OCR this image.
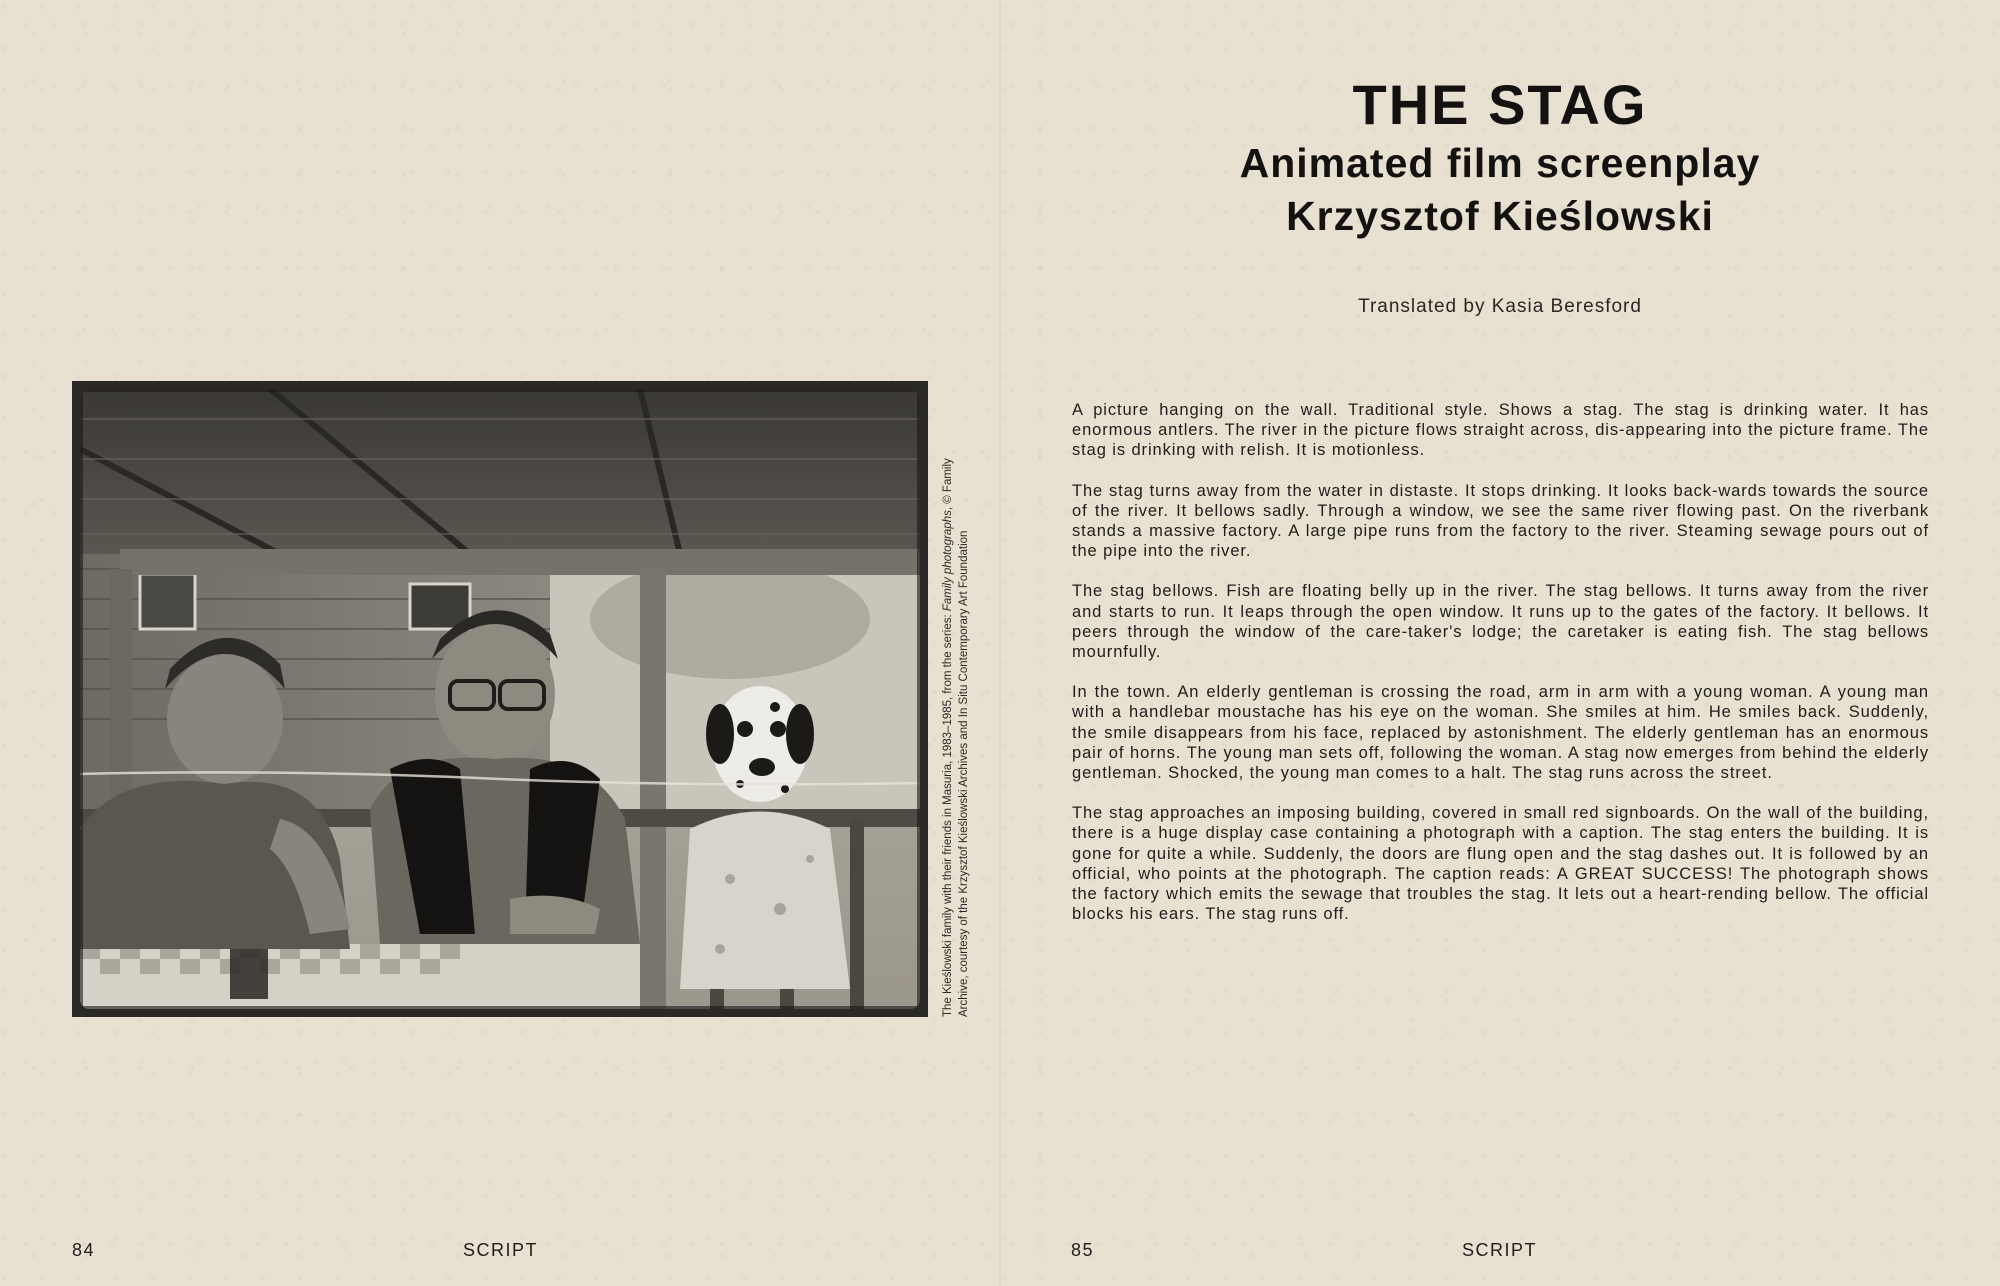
The Kieślowski family with their friends in Masuria, 1983–1985, from the series: Family photographs, © Family
Archive, courtesy of the Krzysztof Kieślowski Archives and In Situ Contemporary Art Foundation
THE STAG
Animated film screenplay
Krzysztof Kieślowski
Translated by Kasia Beresford

A picture hanging on the wall. Traditional style. Shows a stag. The stag is drinking water. It has enormous antlers. The river in the picture flows straight across, dis-appearing into the picture frame. The stag is drinking with relish. It is motionless.

The stag turns away from the water in distaste. It stops drinking. It looks back-wards towards the source of the river. It bellows sadly. Through a window, we see the same river flowing past. On the riverbank stands a massive factory. A large pipe runs from the factory to the river. Steaming sewage pours out of the pipe into the river.

The stag bellows. Fish are floating belly up in the river. The stag bellows. It turns away from the river and starts to run. It leaps through the open window. It runs up to the gates of the factory. It bellows. It peers through the window of the care-taker's lodge; the caretaker is eating fish. The stag bellows mournfully.

In the town. An elderly gentleman is crossing the road, arm in arm with a young woman. A young man with a handlebar moustache has his eye on the woman. She smiles at him. He smiles back. Suddenly, the smile disappears from his face, replaced by astonishment. The elderly gentleman has an enormous pair of horns. The young man sets off, following the woman. A stag now emerges from behind the elderly gentleman. Shocked, the young man comes to a halt. The stag runs across the street.

The stag approaches an imposing building, covered in small red signboards. On the wall of the building, there is a huge display case containing a photograph with a caption. The stag enters the building. It is gone for quite a while. Suddenly, the doors are flung open and the stag dashes out. It is followed by an official, who points at the photograph. The caption reads: A GREAT SUCCESS! The photograph shows the factory which emits the sewage that troubles the stag. It lets out a heart-rending bellow. The official blocks his ears. The stag runs off.

84	SCRIPT	85	SCRIPT
